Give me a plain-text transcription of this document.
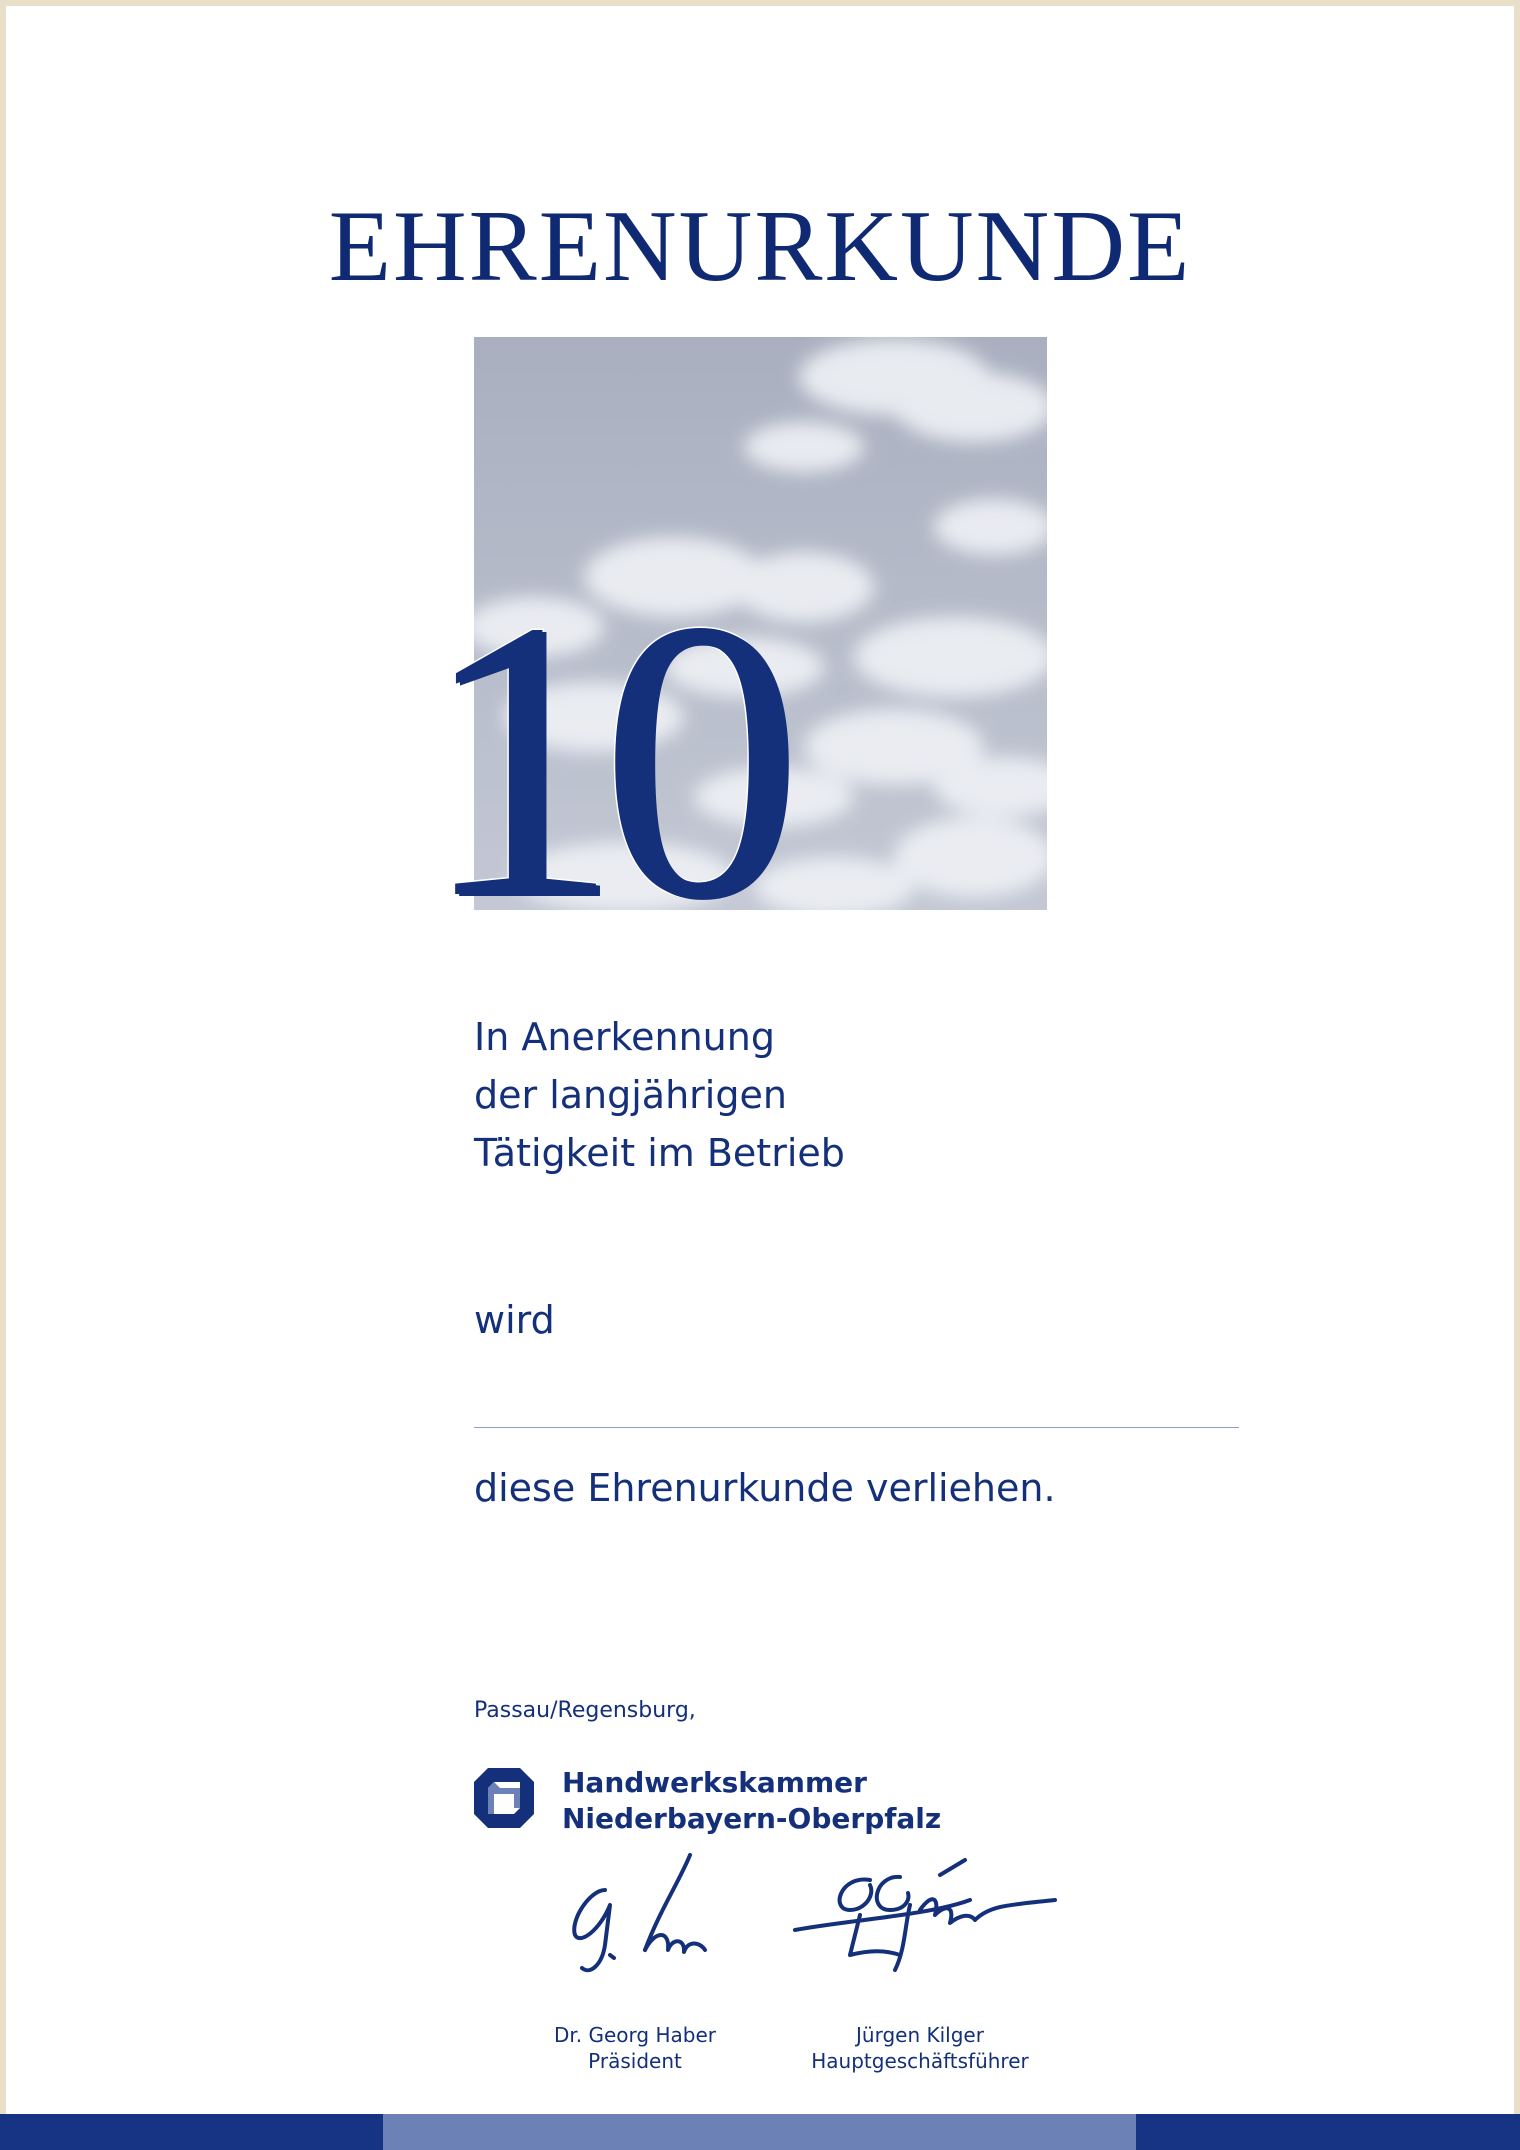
EHRENURKUNDE
10
In Anerkennung
der langjährigen
Tätigkeit im Betrieb
wird
diese Ehrenurkunde verliehen.
Passau/Regensburg,
Handwerkskammer
Niederbayern-Oberpfalz
Dr. Georg Haber
Präsident
Jürgen Kilger
Hauptgeschäftsführer
